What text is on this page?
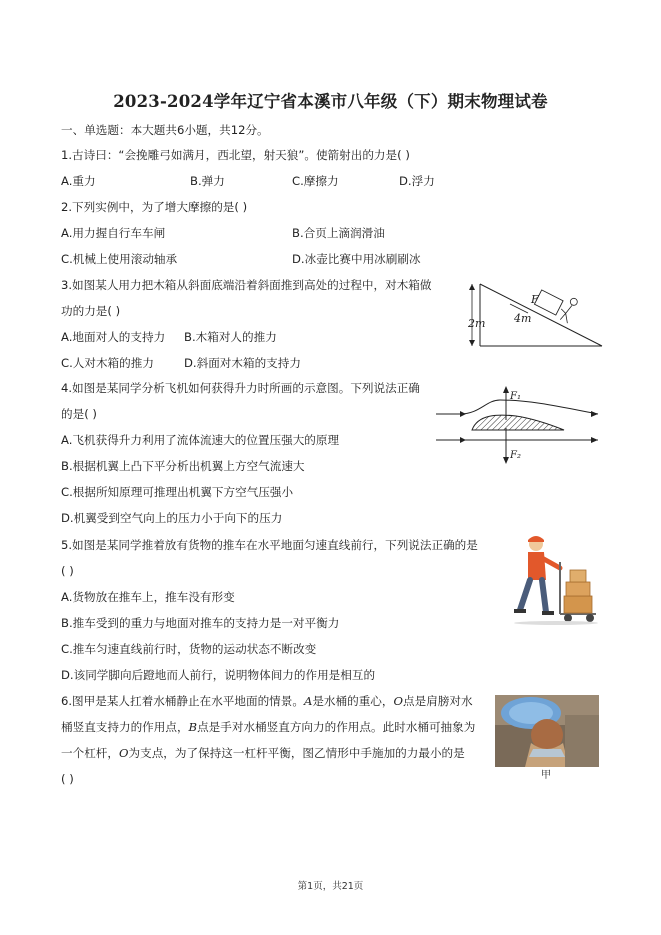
2023-2024学年辽宁省本溪市八年级（下）期末物理试卷
一、单选题：本大题共6小题，共12分。
1.古诗曰：“会挽雕弓如满月，西北望，射天狼”。使箭射出的力是( )
A.重力	B.弹力	C.摩擦力	D.浮力
2.下列实例中，为了增大摩擦的是( )
A.用力握自行车车闸	B.合页上滴润滑油
C.机械上使用滚动轴承	D.冰壶比赛中用冰刷刷冰
3.如图某人用力把木箱从斜面底端沿着斜面推到高处的过程中，对木箱做
功的力是( )
A.地面对人的支持力 B.木箱对人的推力
C.人对木箱的推力	D.斜面对木箱的支持力
2m	4m
F
4.如图是某同学分析飞机如何获得升力时所画的示意图。下列说法正确
的是( )
A.飞机获得升力利用了流体流速大的位置压强大的原理
B.根据机翼上凸下平分析出机翼上方空气流速大
C.根据所知原理可推理出机翼下方空气压强小
D.机翼受到空气向上的压力小于向下的压力
F₁
F₂
5.如图是某同学推着放有货物的推车在水平地面匀速直线前行，下列说法正确的是
( )
A.货物放在推车上，推车没有形变
B.推车受到的重力与地面对推车的支持力是一对平衡力
C.推车匀速直线前行时，货物的运动状态不断改变
D.该同学脚向后蹬地而人前行，说明物体间力的作用是相互的
6.图甲是某人扛着水桶静止在水平地面的情景。A是水桶的重心，O点是肩膀对水
桶竖直支持力的作用点，B点是手对水桶竖直方向力的作用点。此时水桶可抽象为
一个杠杆，O为支点，为了保持这一杠杆平衡，图乙情形中手施加的力最小的是
( )	甲
第1页，共21页
